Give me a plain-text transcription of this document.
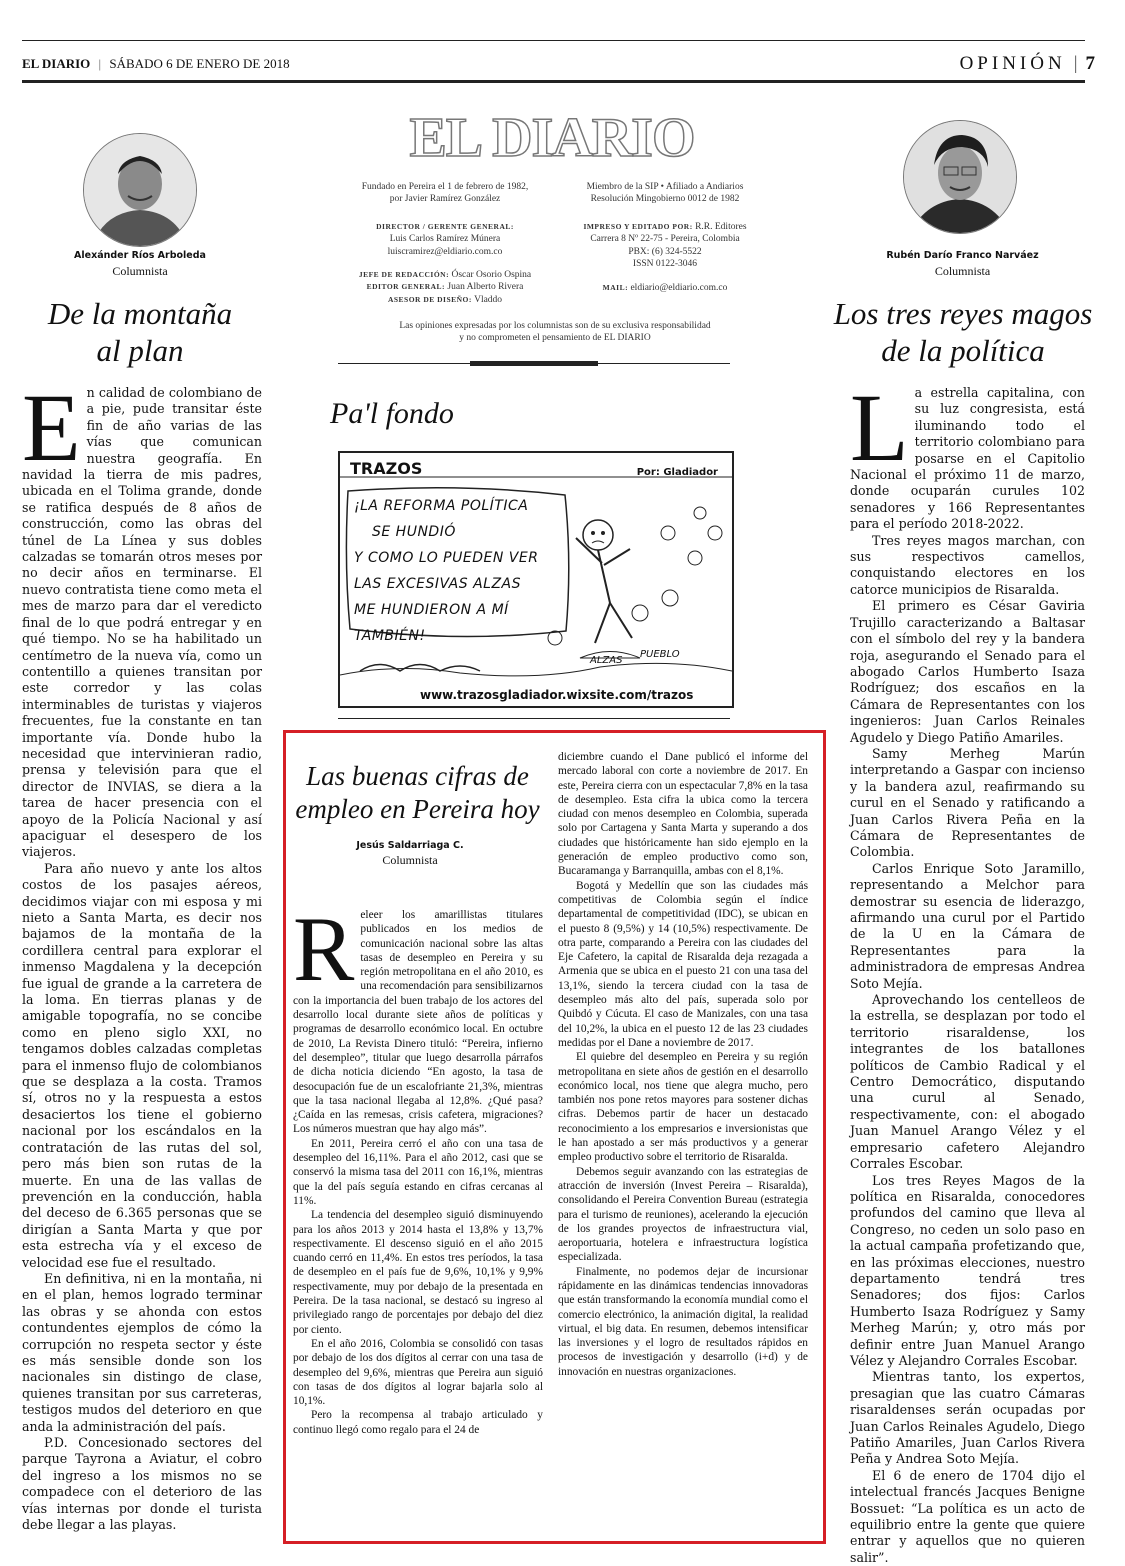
EL DIARIO | SÁBADO 6 DE ENERO DE 2018	OPINIÓN | 7
Alexánder Ríos Arboleda
Columnista
De la montaña
al plan

En calidad de colombiano de a pie, pude transitar éste fin de año varias de las vías que comunican nuestra geografía. En navidad la tierra de mis padres, ubicada en el Tolima grande, donde se ratifica después de 8 años de construcción, como las obras del túnel de La Línea y sus dobles calzadas se tomarán otros meses por no decir años en terminarse. El nuevo contratista tiene como meta el mes de marzo para dar el veredicto final de lo que podrá entregar y en qué tiempo. No se ha habilitado un centímetro de la nueva vía, como un contentillo a quienes transitan por este corredor y las colas interminables de turistas y viajeros frecuentes, fue la constante en tan importante vía. Donde hubo la necesidad que intervinieran radio, prensa y televisión para que el director de INVIAS, se diera a la tarea de hacer presencia con el apoyo de la Policía Nacional y así apaciguar el desespero de los viajeros.

Para año nuevo y ante los altos costos de los pasajes aéreos, decidimos viajar con mi esposa y mi nieto a Santa Marta, es decir nos bajamos de la montaña de la cordillera central para explorar el inmenso Magdalena y la decepción fue igual de grande a la carretera de la loma. En tierras planas y de amigable topografía, no se concibe como en pleno siglo XXI, no tengamos dobles calzadas completas para el inmenso flujo de colombianos que se desplaza a la costa. Tramos sí, otros no y la respuesta a estos desaciertos los tiene el gobierno nacional por los escándalos en la contratación de las rutas del sol, pero más bien son rutas de la muerte. En una de las vallas de prevención en la conducción, habla del deceso de 6.365 personas que se dirigían a Santa Marta y que por esta estrecha vía y el exceso de velocidad ese fue el resultado.

En definitiva, ni en la montaña, ni en el plan, hemos logrado terminar las obras y se ahonda con estos contundentes ejemplos de cómo la corrupción no respeta sector y éste es más sensible donde son los nacionales sin distingo de clase, quienes transitan por sus carreteras, testigos mudos del deterioro en que anda la administración del país.

P.D. Concesionado sectores del parque Tayrona a Aviatur, el cobro del ingreso a los mismos no se compadece con el deterioro de las vías internas por donde el turista debe llegar a las playas.

EL DIARIO
Fundado en Pereira el 1 de febrero de 1982,
por Javier Ramírez González
Miembro de la SIP • Afiliado a Andiarios
Resolución Mingobierno 0012 de 1982
DIRECTOR / GERENTE GENERAL:
Luis Carlos Ramírez Múnera
luiscramirez@eldiario.com.co
IMPRESO Y EDITADO POR: R.R. Editores
Carrera 8 Nº 22-75 - Pereira, Colombia
PBX: (6) 324-5522
ISSN 0122-3046
JEFE DE REDACCIÓN: Óscar Osorio Ospina
EDITOR GENERAL: Juan Alberto Rivera
ASESOR DE DISEÑO: Vladdo
MAIL: eldiario@eldiario.com.co
Las opiniones expresadas por los columnistas son de su exclusiva responsabilidad
y no comprometen el pensamiento de EL DIARIO
Pa'l fondo
TRAZOS	Por: Gladiador
¡LA REFORMA POLÍTICA
SE HUNDIÓ
Y COMO LO PUEDEN VER
LAS EXCESIVAS ALZAS
ME HUNDIERON A MÍ
TAMBIÉN!
ALZAS
PUEBLO
www.trazosgladiador.wixsite.com/trazos
Las buenas cifras de
empleo en Pereira hoy
Jesús Saldarriaga C.
Columnista

Releer los amarillistas titulares publicados en los medios de comunicación nacional sobre las altas tasas de desempleo en Pereira y su región metropolitana en el año 2010, es una recomendación para sensibilizarnos con la importancia del buen trabajo de los actores del desarrollo local durante siete años de políticas y programas de desarrollo económico local. En octubre de 2010, La Revista Dinero tituló: “Pereira, infierno del desempleo”, titular que luego desarrolla párrafos de dicha noticia diciendo “En agosto, la tasa de desocupación fue de un escalofriante 21,3%, mientras que la tasa nacional llegaba al 12,8%. ¿Qué pasa? ¿Caída en las remesas, crisis cafetera, migraciones? Los números muestran que hay algo más”.

En 2011, Pereira cerró el año con una tasa de desempleo del 16,11%. Para el año 2012, casi que se conservó la misma tasa del 2011 con 16,1%, mientras que la del país seguía estando en cifras cercanas al 11%.

La tendencia del desempleo siguió disminuyendo para los años 2013 y 2014 hasta el 13,8% y 13,7% respectivamente. El descenso siguió en el año 2015 cuando cerró en 11,4%. En estos tres períodos, la tasa de desempleo en el país fue de 9,6%, 10,1% y 9,9% respectivamente, muy por debajo de la presentada en Pereira. De la tasa nacional, se destacó su ingreso al privilegiado rango de porcentajes por debajo del diez por ciento.

En el año 2016, Colombia se consolidó con tasas por debajo de los dos dígitos al cerrar con una tasa de desempleo del 9,6%, mientras que Pereira aun siguió con tasas de dos dígitos al lograr bajarla solo al 10,1%.

Pero la recompensa al trabajo articulado y continuo llegó como regalo para el 24 de

diciembre cuando el Dane publicó el informe del mercado laboral con corte a noviembre de 2017. En este, Pereira cierra con un espectacular 7,8% en la tasa de desempleo. Esta cifra la ubica como la tercera ciudad con menos desempleo en Colombia, superada solo por Cartagena y Santa Marta y superando a dos ciudades que históricamente han sido ejemplo en la generación de empleo productivo como son, Bucaramanga y Barranquilla, ambas con el 8,1%.

Bogotá y Medellín que son las ciudades más competitivas de Colombia según el índice departamental de competitividad (IDC), se ubican en el puesto 8 (9,5%) y 14 (10,5%) respectivamente. De otra parte, comparando a Pereira con las ciudades del Eje Cafetero, la capital de Risaralda deja rezagada a Armenia que se ubica en el puesto 21 con una tasa del 13,1%, siendo la tercera ciudad con la tasa de desempleo más alto del país, superada solo por Quibdó y Cúcuta. El caso de Manizales, con una tasa del 10,2%, la ubica en el puesto 12 de las 23 ciudades medidas por el Dane a noviembre de 2017.

El quiebre del desempleo en Pereira y su región metropolitana en siete años de gestión en el desarrollo económico local, nos tiene que alegra mucho, pero también nos pone retos mayores para sostener dichas cifras. Debemos partir de hacer un destacado reconocimiento a los empresarios e inversionistas que le han apostado a ser más productivos y a generar empleo productivo sobre el territorio de Risaralda.

Debemos seguir avanzando con las estrategias de atracción de inversión (Invest Pereira – Risaralda), consolidando el Pereira Convention Bureau (estrategia para el turismo de reuniones), acelerando la ejecución de los grandes proyectos de infraestructura vial, aeroportuaria, hotelera e infraestructura logística especializada.

Finalmente, no podemos dejar de incursionar rápidamente en las dinámicas tendencias innovadoras que están transformando la economía mundial como el comercio electrónico, la animación digital, la realidad virtual, el big data. En resumen, debemos intensificar las inversiones y el logro de resultados rápidos en procesos de investigación y desarrollo (i+d) y de innovación en nuestras organizaciones.

Rubén Darío Franco Narváez
Columnista
Los tres reyes magos
de la política

La estrella capitalina, con su luz congresista, está iluminando todo el territorio colombiano para posarse en el Capitolio Nacional el próximo 11 de marzo, donde ocuparán curules 102 senadores y 166 Representantes para el período 2018-2022.

Tres reyes magos marchan, con sus respectivos camellos, conquistando electores en los catorce municipios de Risaralda.

El primero es César Gaviria Trujillo caracterizando a Baltasar con el símbolo del rey y la bandera roja, asegurando el Senado para el abogado Carlos Humberto Isaza Rodríguez; dos escaños en la Cámara de Representantes con los ingenieros: Juan Carlos Reinales Agudelo y Diego Patiño Amariles.

Samy Merheg Marún interpretando a Gaspar con incienso y la bandera azul, reafirmando su curul en el Senado y ratificando a Juan Carlos Rivera Peña en la Cámara de Representantes de Colombia.

Carlos Enrique Soto Jaramillo, representando a Melchor para demostrar su esencia de liderazgo, afirmando una curul por el Partido de la U en la Cámara de Representantes para la administradora de empresas Andrea Soto Mejía.

Aprovechando los centelleos de la estrella, se desplazan por todo el territorio risaraldense, los integrantes de los batallones políticos de Cambio Radical y el Centro Democrático, disputando una curul al Senado, respectivamente, con: el abogado Juan Manuel Arango Vélez y el empresario cafetero Alejandro Corrales Escobar.

Los tres Reyes Magos de la política en Risaralda, conocedores profundos del camino que lleva al Congreso, no ceden un solo paso en la actual campaña profetizando que, en las próximas elecciones, nuestro departamento tendrá tres Senadores; dos fijos: Carlos Humberto Isaza Rodríguez y Samy Merheg Marún; y, otro más por definir entre Juan Manuel Arango Vélez y Alejandro Corrales Escobar.

Mientras tanto, los expertos, presagian que las cuatro Cámaras risaraldenses serán ocupadas por Juan Carlos Reinales Agudelo, Diego Patiño Amariles, Juan Carlos Rivera Peña y Andrea Soto Mejía.

El 6 de enero de 1704 dijo el intelectual francés Jacques Benigne Bossuet: “La política es un acto de equilibrio entre la gente que quiere entrar y aquellos que no quieren salir”.
